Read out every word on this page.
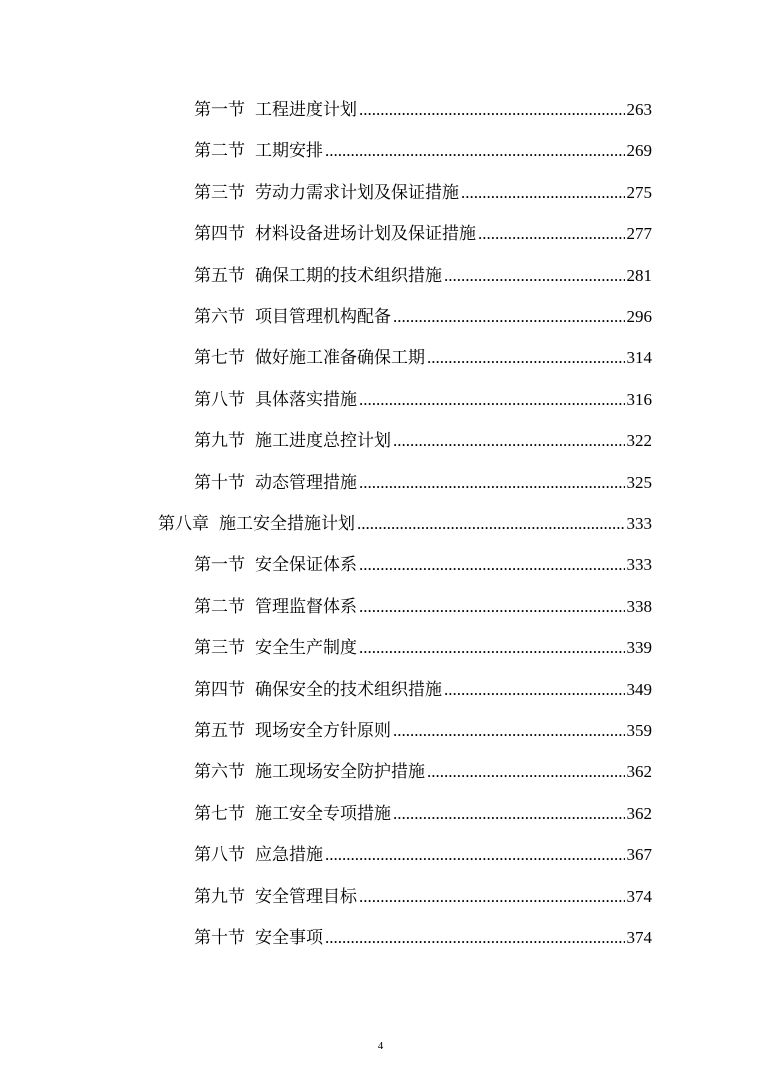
第一节 工程进度计划 .....	263
第二节 工期安排 .....	269
第三节 劳动力需求计划及保证措施 .....	275
第四节 材料设备进场计划及保证措施 .....	277
第五节 确保工期的技术组织措施 .....	281
第六节 项目管理机构配备 .....	296
第七节 做好施工准备确保工期 .....	314
第八节 具体落实措施 .....	316
第九节 施工进度总控计划 .....	322
第十节 动态管理措施 .....	325
第八章 施工安全措施计划 .....	333
第一节 安全保证体系 .....	333
第二节 管理监督体系 .....	338
第三节 安全生产制度 .....	339
第四节 确保安全的技术组织措施 .....	349
第五节 现场安全方针原则 .....	359
第六节 施工现场安全防护措施 .....	362
第七节 施工安全专项措施 .....	362
第八节 应急措施 .....	367
第九节 安全管理目标 .....	374
第十节 安全事项 .....	374
4
